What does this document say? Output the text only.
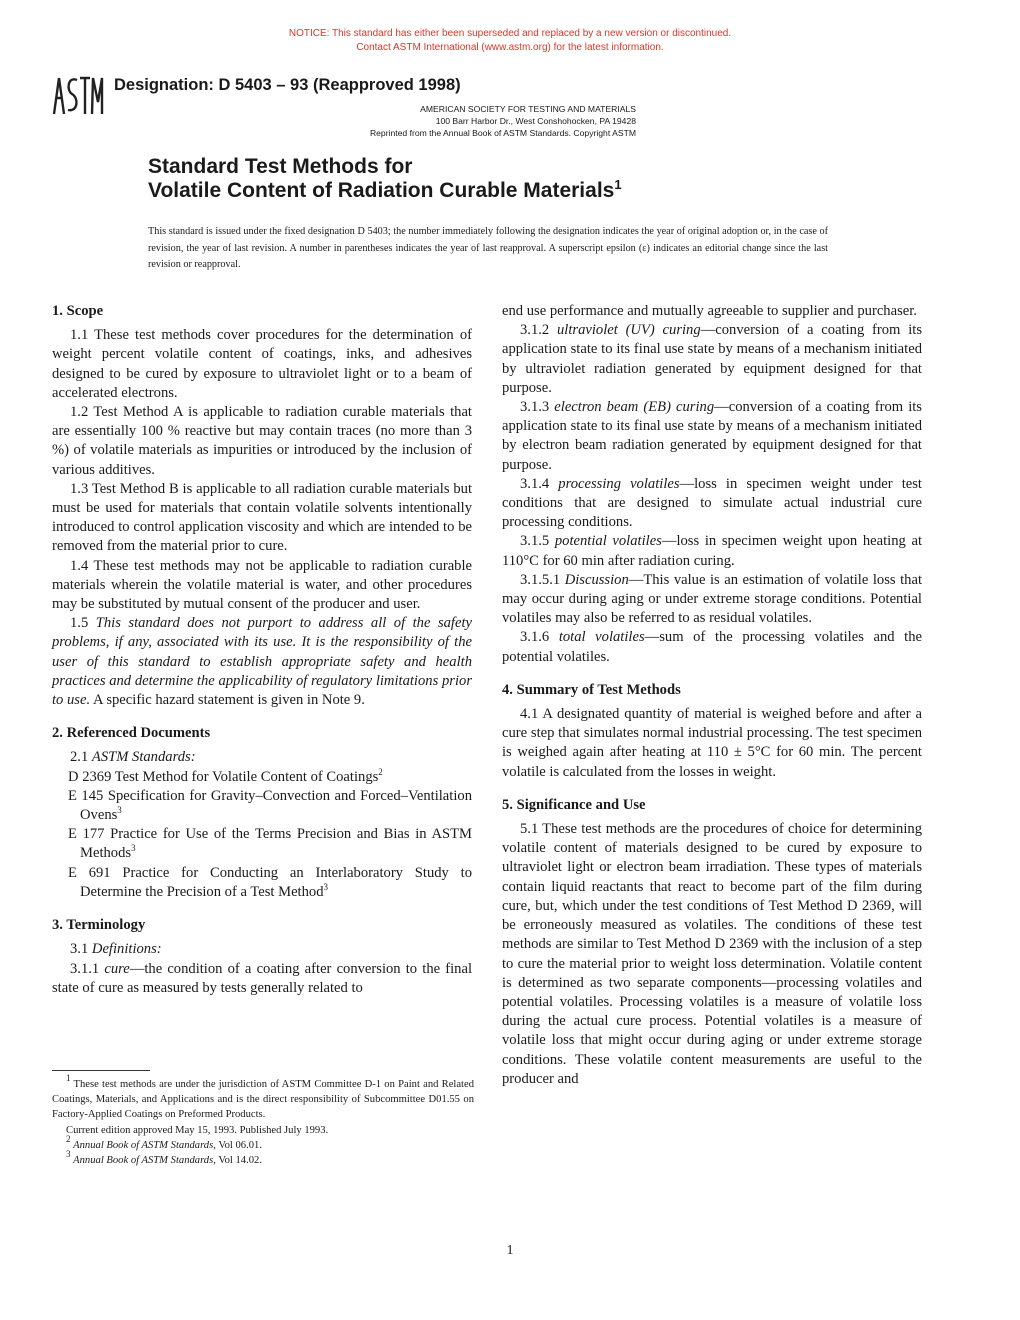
NOTICE: This standard has either been superseded and replaced by a new version or discontinued.
Contact ASTM International (www.astm.org) for the latest information.
Designation: D 5403 – 93 (Reapproved 1998)
AMERICAN SOCIETY FOR TESTING AND MATERIALS
100 Barr Harbor Dr., West Conshohocken, PA 19428
Reprinted from the Annual Book of ASTM Standards. Copyright ASTM
Standard Test Methods for
Volatile Content of Radiation Curable Materials$^1$
This standard is issued under the fixed designation D 5403; the number immediately following the designation indicates the year of original adoption or, in the case of revision, the year of last revision. A number in parentheses indicates the year of last reapproval. A superscript epsilon (ε) indicates an editorial change since the last revision or reapproval.

1. Scope

1.1 These test methods cover procedures for the determination of weight percent volatile content of coatings, inks, and adhesives designed to be cured by exposure to ultraviolet light or to a beam of accelerated electrons.

1.2 Test Method A is applicable to radiation curable materials that are essentially 100 % reactive but may contain traces (no more than 3 %) of volatile materials as impurities or introduced by the inclusion of various additives.

1.3 Test Method B is applicable to all radiation curable materials but must be used for materials that contain volatile solvents intentionally introduced to control application viscosity and which are intended to be removed from the material prior to cure.

1.4 These test methods may not be applicable to radiation curable materials wherein the volatile material is water, and other procedures may be substituted by mutual consent of the producer and user.

1.5 This standard does not purport to address all of the safety problems, if any, associated with its use. It is the responsibility of the user of this standard to establish appropriate safety and health practices and determine the applicability of regulatory limitations prior to use. A specific hazard statement is given in Note 9.

2. Referenced Documents

2.1 ASTM Standards:

D 2369 Test Method for Volatile Content of Coatings$^2$

E 145 Specification for Gravity–Convection and Forced–Ventilation Ovens$^3$

E 177 Practice for Use of the Terms Precision and Bias in ASTM Methods$^3$

E 691 Practice for Conducting an Interlaboratory Study to Determine the Precision of a Test Method$^3$

3. Terminology

3.1 Definitions:

3.1.1 cure—the condition of a coating after conversion to the final state of cure as measured by tests generally related to

$^1$ These test methods are under the jurisdiction of ASTM Committee D-1 on Paint and Related Coatings, Materials, and Applications and is the direct responsibility of Subcommittee D01.55 on Factory-Applied Coatings on Preformed Products.

Current edition approved May 15, 1993. Published July 1993.

$^2$ Annual Book of ASTM Standards, Vol 06.01.

$^3$ Annual Book of ASTM Standards, Vol 14.02.

end use performance and mutually agreeable to supplier and purchaser.

3.1.2 ultraviolet (UV) curing—conversion of a coating from its application state to its final use state by means of a mechanism initiated by ultraviolet radiation generated by equipment designed for that purpose.

3.1.3 electron beam (EB) curing—conversion of a coating from its application state to its final use state by means of a mechanism initiated by electron beam radiation generated by equipment designed for that purpose.

3.1.4 processing volatiles—loss in specimen weight under test conditions that are designed to simulate actual industrial cure processing conditions.

3.1.5 potential volatiles—loss in specimen weight upon heating at 110°C for 60 min after radiation curing.

3.1.5.1 Discussion—This value is an estimation of volatile loss that may occur during aging or under extreme storage conditions. Potential volatiles may also be referred to as residual volatiles.

3.1.6 total volatiles—sum of the processing volatiles and the potential volatiles.

4. Summary of Test Methods

4.1 A designated quantity of material is weighed before and after a cure step that simulates normal industrial processing. The test specimen is weighed again after heating at 110 ± 5°C for 60 min. The percent volatile is calculated from the losses in weight.

5. Significance and Use

5.1 These test methods are the procedures of choice for determining volatile content of materials designed to be cured by exposure to ultraviolet light or electron beam irradiation. These types of materials contain liquid reactants that react to become part of the film during cure, but, which under the test conditions of Test Method D 2369, will be erroneously measured as volatiles. The conditions of these test methods are similar to Test Method D 2369 with the inclusion of a step to cure the material prior to weight loss determination. Volatile content is determined as two separate components—processing volatiles and potential volatiles. Processing volatiles is a measure of volatile loss during the actual cure process. Potential volatiles is a measure of volatile loss that might occur during aging or under extreme storage conditions. These volatile content measurements are useful to the producer and

1
